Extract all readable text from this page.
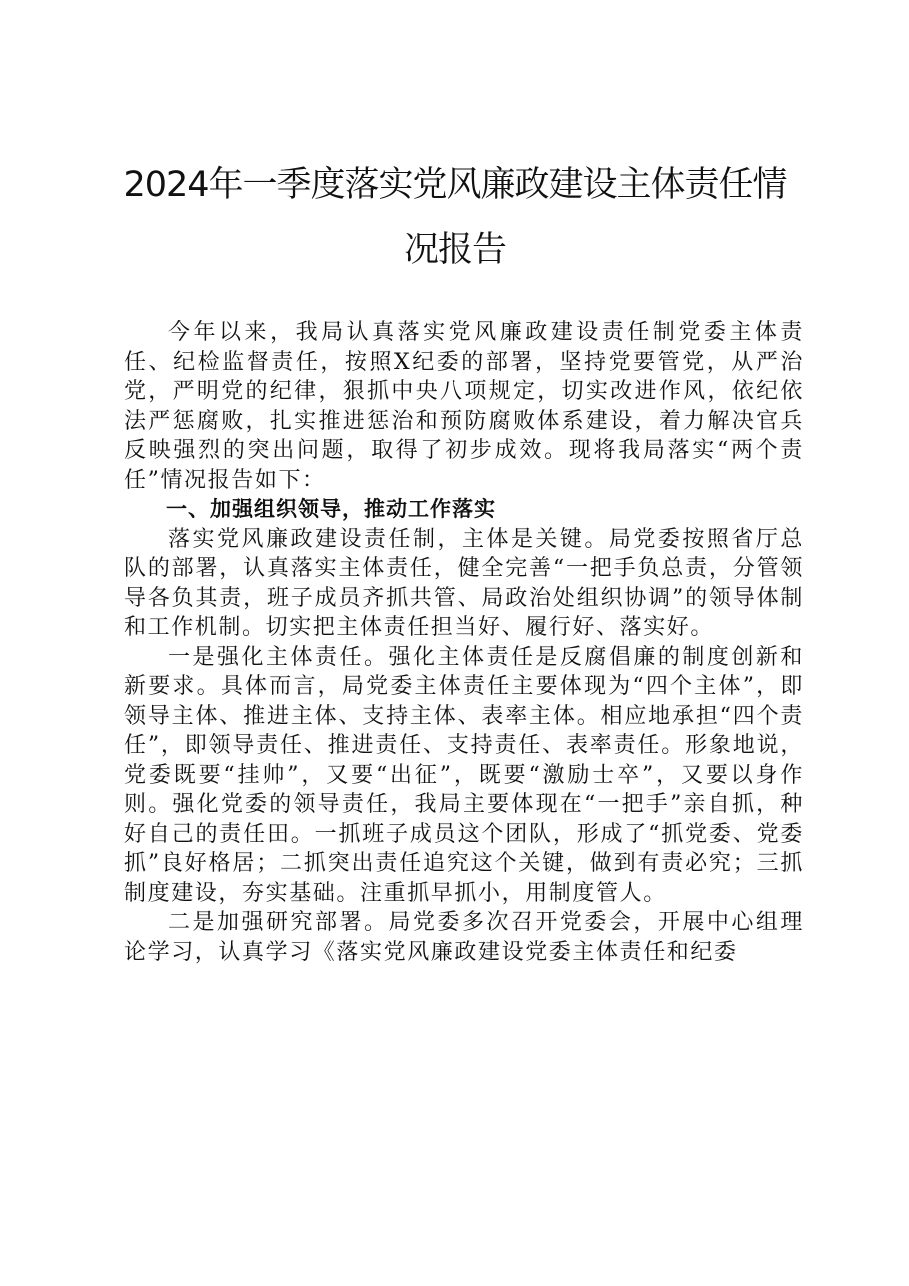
2024年一季度落实党风廉政建设主体责任情
况报告

今年以来，我局认真落实党风廉政建设责任制党委主体责任、纪检监督责任，按照X纪委的部署，坚持党要管党，从严治党，严明党的纪律，狠抓中央八项规定，切实改进作风，依纪依法严惩腐败，扎实推进惩治和预防腐败体系建设，着力解决官兵反映强烈的突出问题，取得了初步成效。现将我局落实“两个责任”情况报告如下：

一、加强组织领导，推动工作落实

落实党风廉政建设责任制，主体是关键。局党委按照省厅总队的部署，认真落实主体责任，健全完善“一把手负总责，分管领导各负其责，班子成员齐抓共管、局政治处组织协调”的领导体制和工作机制。切实把主体责任担当好、履行好、落实好。

一是强化主体责任。强化主体责任是反腐倡廉的制度创新和新要求。具体而言，局党委主体责任主要体现为“四个主体”，即领导主体、推进主体、支持主体、表率主体。相应地承担“四个责任”，即领导责任、推进责任、支持责任、表率责任。形象地说，党委既要“挂帅”，又要“出征”，既要“激励士卒”，又要以身作则。强化党委的领导责任，我局主要体现在“一把手”亲自抓，种好自己的责任田。一抓班子成员这个团队，形成了“抓党委、党委抓”良好格居；二抓突出责任追究这个关键，做到有责必究；三抓制度建设，夯实基础。注重抓早抓小，用制度管人。

二是加强研究部署。局党委多次召开党委会，开展中心组理论学习，认真学习《落实党风廉政建设党委主体责任和纪委
